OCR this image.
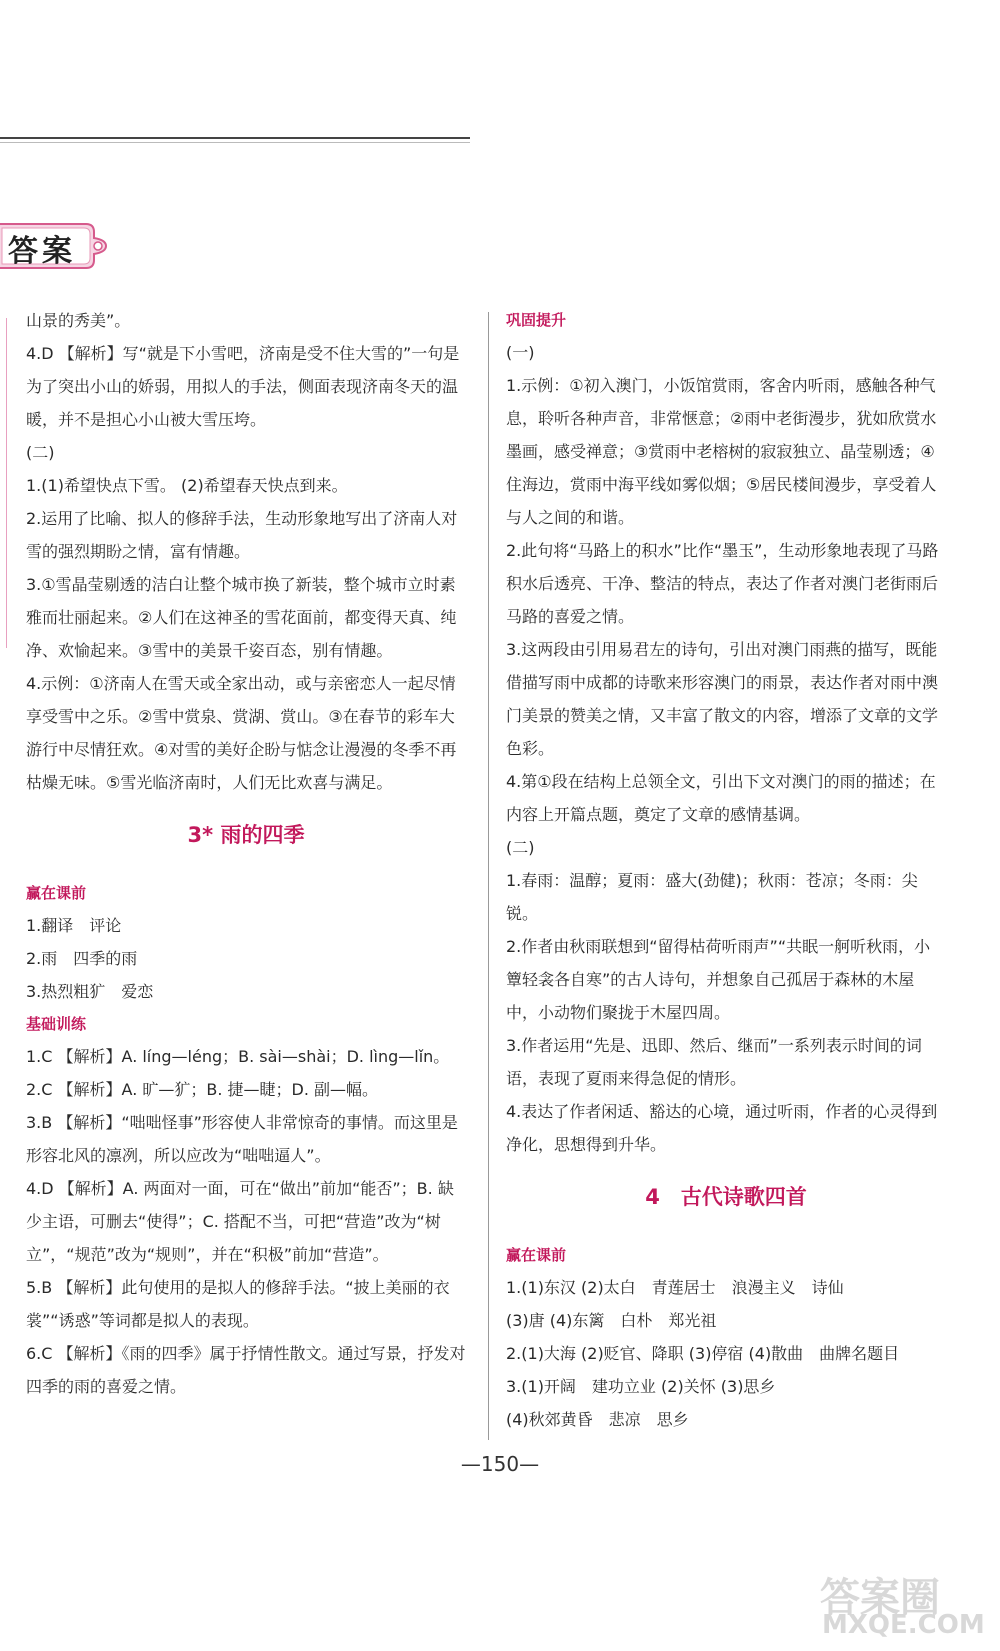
答案
山景的秀美”。
4.D 【解析】写“就是下小雪吧，济南是受不住大雪的”一句是为了突出小山的娇弱，用拟人的手法，侧面表现济南冬天的温暖，并不是担心小山被大雪压垮。
(二)
1.(1)希望快点下雪。 (2)希望春天快点到来。
2.运用了比喻、拟人的修辞手法，生动形象地写出了济南人对雪的强烈期盼之情，富有情趣。
3.①雪晶莹剔透的洁白让整个城市换了新装，整个城市立时素雅而壮丽起来。②人们在这神圣的雪花面前，都变得天真、纯净、欢愉起来。③雪中的美景千姿百态，别有情趣。
4.示例：①济南人在雪天或全家出动，或与亲密恋人一起尽情享受雪中之乐。②雪中赏泉、赏湖、赏山。③在春节的彩车大游行中尽情狂欢。④对雪的美好企盼与惦念让漫漫的冬季不再枯燥无味。⑤雪光临济南时，人们无比欢喜与满足。
3* 雨的四季
赢在课前
1.翻译　评论
2.雨　四季的雨
3.热烈粗犷　爱恋
基础训练
1.C 【解析】A. líng—léng；B. sài—shài；D. lìng—lǐn。
2.C 【解析】A. 旷—犷；B. 捷—睫；D. 副—幅。
3.B 【解析】“咄咄怪事”形容使人非常惊奇的事情。而这里是形容北风的凛冽，所以应改为“咄咄逼人”。
4.D 【解析】A. 两面对一面，可在“做出”前加“能否”；B. 缺少主语，可删去“使得”；C. 搭配不当，可把“营造”改为“树立”，“规范”改为“规则”，并在“积极”前加“营造”。
5.B 【解析】此句使用的是拟人的修辞手法。“披上美丽的衣裳”“诱惑”等词都是拟人的表现。
6.C 【解析】《雨的四季》属于抒情性散文。通过写景，抒发对四季的雨的喜爱之情。
巩固提升
(一)
1.示例：①初入澳门，小饭馆赏雨，客舍内听雨，感触各种气息，聆听各种声音，非常惬意；②雨中老街漫步，犹如欣赏水墨画，感受禅意；③赏雨中老榕树的寂寂独立、晶莹剔透；④住海边，赏雨中海平线如雾似烟；⑤居民楼间漫步，享受着人与人之间的和谐。
2.此句将“马路上的积水”比作“墨玉”，生动形象地表现了马路积水后透亮、干净、整洁的特点，表达了作者对澳门老街雨后马路的喜爱之情。
3.这两段由引用易君左的诗句，引出对澳门雨燕的描写，既能借描写雨中成都的诗歌来形容澳门的雨景，表达作者对雨中澳门美景的赞美之情，又丰富了散文的内容，增添了文章的文学色彩。
4.第①段在结构上总领全文，引出下文对澳门的雨的描述；在内容上开篇点题，奠定了文章的感情基调。
(二)
1.春雨：温醇；夏雨：盛大(劲健)；秋雨：苍凉；冬雨：尖锐。
2.作者由秋雨联想到“留得枯荷听雨声”“共眠一舸听秋雨，小簟轻衾各自寒”的古人诗句，并想象自己孤居于森林的木屋中，小动物们聚拢于木屋四周。
3.作者运用“先是、迅即、然后、继而”一系列表示时间的词语，表现了夏雨来得急促的情形。
4.表达了作者闲适、豁达的心境，通过听雨，作者的心灵得到净化，思想得到升华。
4　古代诗歌四首
赢在课前
1.(1)东汉 (2)太白　青莲居士　浪漫主义　诗仙
(3)唐 (4)东篱　白朴　郑光祖
2.(1)大海 (2)贬官、降职 (3)停宿 (4)散曲　曲牌名题目
3.(1)开阔　建功立业 (2)关怀 (3)思乡
(4)秋郊黄昏　悲凉　思乡
—150—
答案圈
MXQE.COM
